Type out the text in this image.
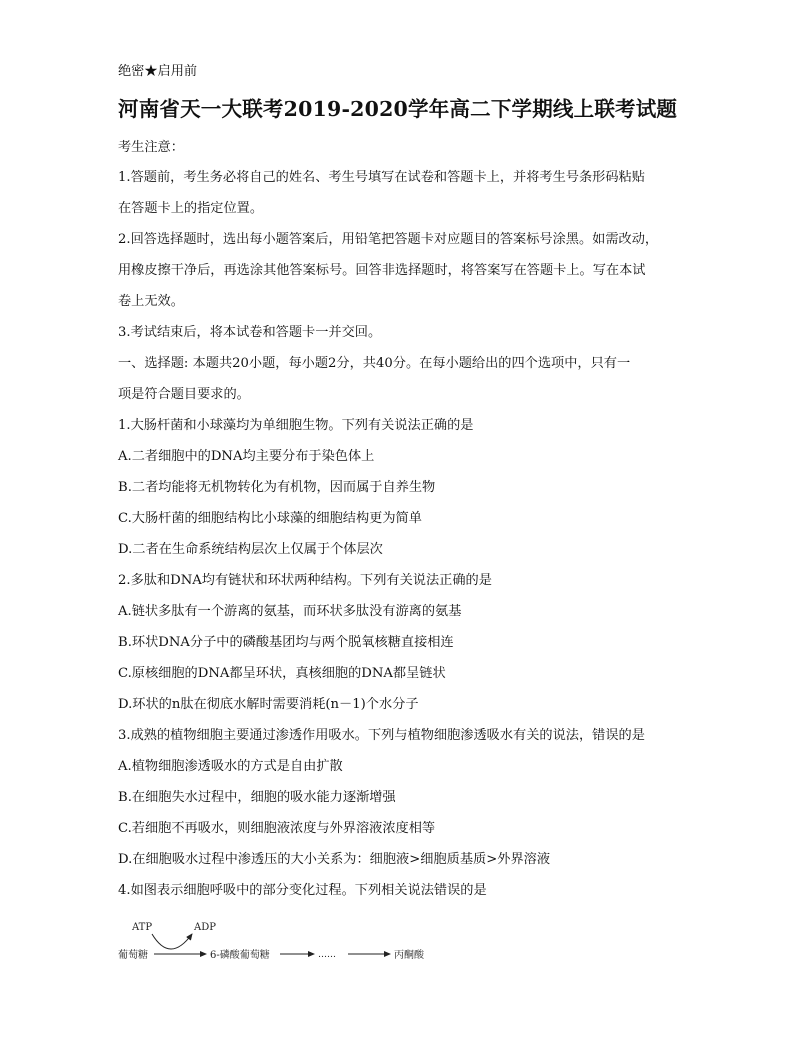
绝密★启用前
河南省天一大联考2019-2020学年高二下学期线上联考试题
考生注意：
1.答题前，考生务必将自己的姓名、考生号填写在试卷和答题卡上，并将考生号条形码粘贴
在答题卡上的指定位置。
2.回答选择题时，选出每小题答案后，用铅笔把答题卡对应题目的答案标号涂黑。如需改动，
用橡皮擦干净后，再选涂其他答案标号。回答非选择题时，将答案写在答题卡上。写在本试
卷上无效。
3.考试结束后，将本试卷和答题卡一并交回。
一、选择题: 本题共20小题，每小题2分，共40分。在每小题给出的四个选项中，只有一
项是符合题目要求的。
1.大肠杆菌和小球藻均为单细胞生物。下列有关说法正确的是
A.二者细胞中的DNA均主要分布于染色体上
B.二者均能将无机物转化为有机物，因而属于自养生物
C.大肠杆菌的细胞结构比小球藻的细胞结构更为简单
D.二者在生命系统结构层次上仅属于个体层次
2.多肽和DNA均有链状和环状两种结构。下列有关说法正确的是
A.链状多肽有一个游离的氨基，而环状多肽没有游离的氨基
B.环状DNA分子中的磷酸基团均与两个脱氧核糖直接相连
C.原核细胞的DNA都呈环状，真核细胞的DNA都呈链状
D.环状的n肽在彻底水解时需要消耗(n－1)个水分子
3.成熟的植物细胞主要通过渗透作用吸水。下列与植物细胞渗透吸水有关的说法，错误的是
A.植物细胞渗透吸水的方式是自由扩散
B.在细胞失水过程中，细胞的吸水能力逐渐增强
C.若细胞不再吸水，则细胞液浓度与外界溶液浓度相等
D.在细胞吸水过程中渗透压的大小关系为：细胞液>细胞质基质>外界溶液
4.如图表示细胞呼吸中的部分变化过程。下列相关说法错误的是
ATP	ADP
葡萄糖	6-磷酸葡萄糖	……	丙酮酸
